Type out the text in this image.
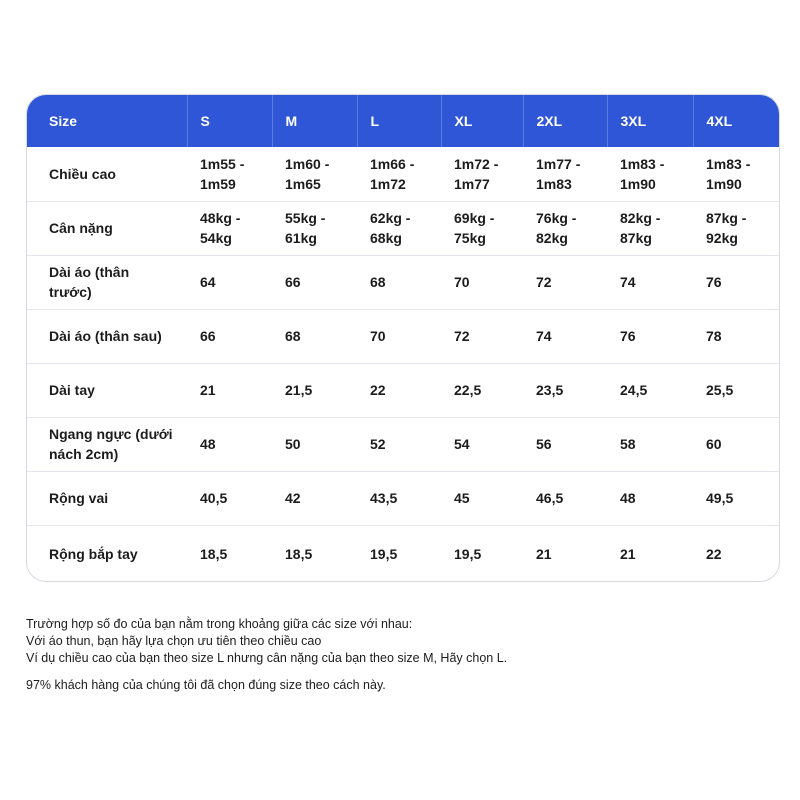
Size	S	M	L	XL	2XL	3XL	4XL
Chiều cao	1m55 - 1m59	1m60 - 1m65	1m66 - 1m72	1m72 - 1m77	1m77 - 1m83	1m83 - 1m90	1m83 - 1m90
Cân nặng	48kg - 54kg	55kg - 61kg	62kg - 68kg	69kg - 75kg	76kg - 82kg	82kg - 87kg	87kg - 92kg
Dài áo (thân trước)	64	66	68	70	72	74	76
Dài áo (thân sau)	66	68	70	72	74	76	78
Dài tay	21	21,5	22	22,5	23,5	24,5	25,5
Ngang ngực (dưới nách 2cm)	48	50	52	54	56	58	60
Rộng vai	40,5	42	43,5	45	46,5	48	49,5
Rộng bắp tay	18,5	18,5	19,5	19,5	21	21	22

Trường hợp số đo của bạn nằm trong khoảng giữa các size với nhau:

Với áo thun, bạn hãy lựa chọn ưu tiên theo chiều cao

Ví dụ chiều cao của bạn theo size L nhưng cân nặng của bạn theo size M, Hãy chọn L.

97% khách hàng của chúng tôi đã chọn đúng size theo cách này.
